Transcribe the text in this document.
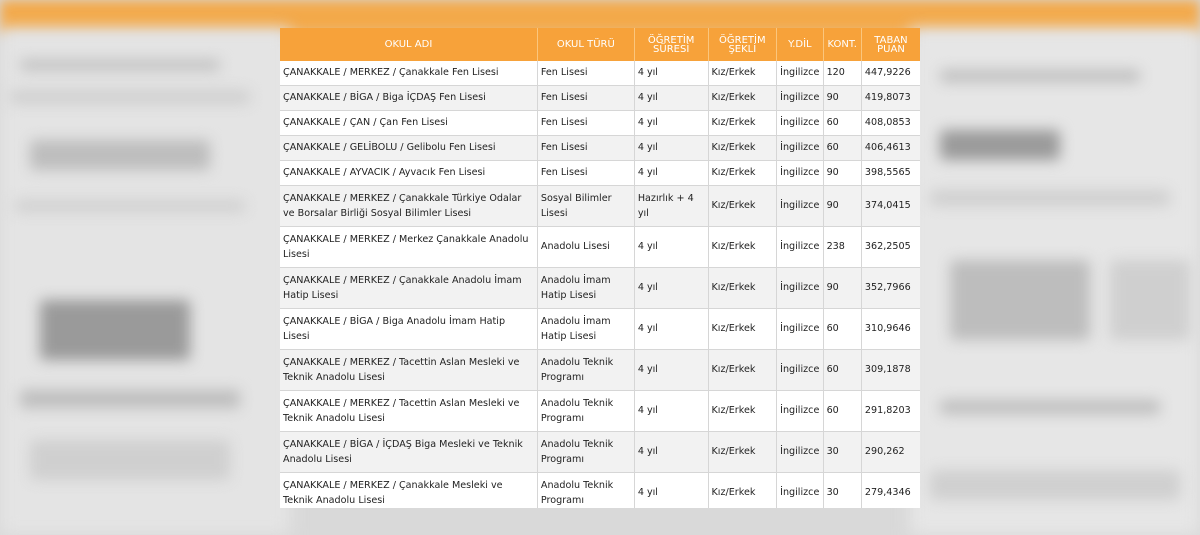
OKUL ADI	OKUL TÜRÜ	ÖĞRETİM SÜRESİ	ÖĞRETİM ŞEKLİ	Y.DİL	KONT.	TABAN PUAN
ÇANAKKALE / MERKEZ / Çanakkale Fen Lisesi	Fen Lisesi	4 yıl	Kız/Erkek	İngilizce	120	447,9226
ÇANAKKALE / BİGA / Biga İÇDAŞ Fen Lisesi	Fen Lisesi	4 yıl	Kız/Erkek	İngilizce	90	419,8073
ÇANAKKALE / ÇAN / Çan Fen Lisesi	Fen Lisesi	4 yıl	Kız/Erkek	İngilizce	60	408,0853
ÇANAKKALE / GELİBOLU / Gelibolu Fen Lisesi	Fen Lisesi	4 yıl	Kız/Erkek	İngilizce	60	406,4613
ÇANAKKALE / AYVACIK / Ayvacık Fen Lisesi	Fen Lisesi	4 yıl	Kız/Erkek	İngilizce	90	398,5565
ÇANAKKALE / MERKEZ / Çanakkale Türkiye Odalar ve Borsalar Birliği Sosyal Bilimler Lisesi	Sosyal Bilimler Lisesi	Hazırlık + 4 yıl	Kız/Erkek	İngilizce	90	374,0415
ÇANAKKALE / MERKEZ / Merkez Çanakkale Anadolu Lisesi	Anadolu Lisesi	4 yıl	Kız/Erkek	İngilizce	238	362,2505
ÇANAKKALE / MERKEZ / Çanakkale Anadolu İmam Hatip Lisesi	Anadolu İmam Hatip Lisesi	4 yıl	Kız/Erkek	İngilizce	90	352,7966
ÇANAKKALE / BİGA / Biga Anadolu İmam Hatip Lisesi	Anadolu İmam Hatip Lisesi	4 yıl	Kız/Erkek	İngilizce	60	310,9646
ÇANAKKALE / MERKEZ / Tacettin Aslan Mesleki ve Teknik Anadolu Lisesi	Anadolu Teknik Programı	4 yıl	Kız/Erkek	İngilizce	60	309,1878
ÇANAKKALE / MERKEZ / Tacettin Aslan Mesleki ve Teknik Anadolu Lisesi	Anadolu Teknik Programı	4 yıl	Kız/Erkek	İngilizce	60	291,8203
ÇANAKKALE / BİGA / İÇDAŞ Biga Mesleki ve Teknik Anadolu Lisesi	Anadolu Teknik Programı	4 yıl	Kız/Erkek	İngilizce	30	290,262
ÇANAKKALE / MERKEZ / Çanakkale Mesleki ve Teknik Anadolu Lisesi	Anadolu Teknik Programı	4 yıl	Kız/Erkek	İngilizce	30	279,4346
